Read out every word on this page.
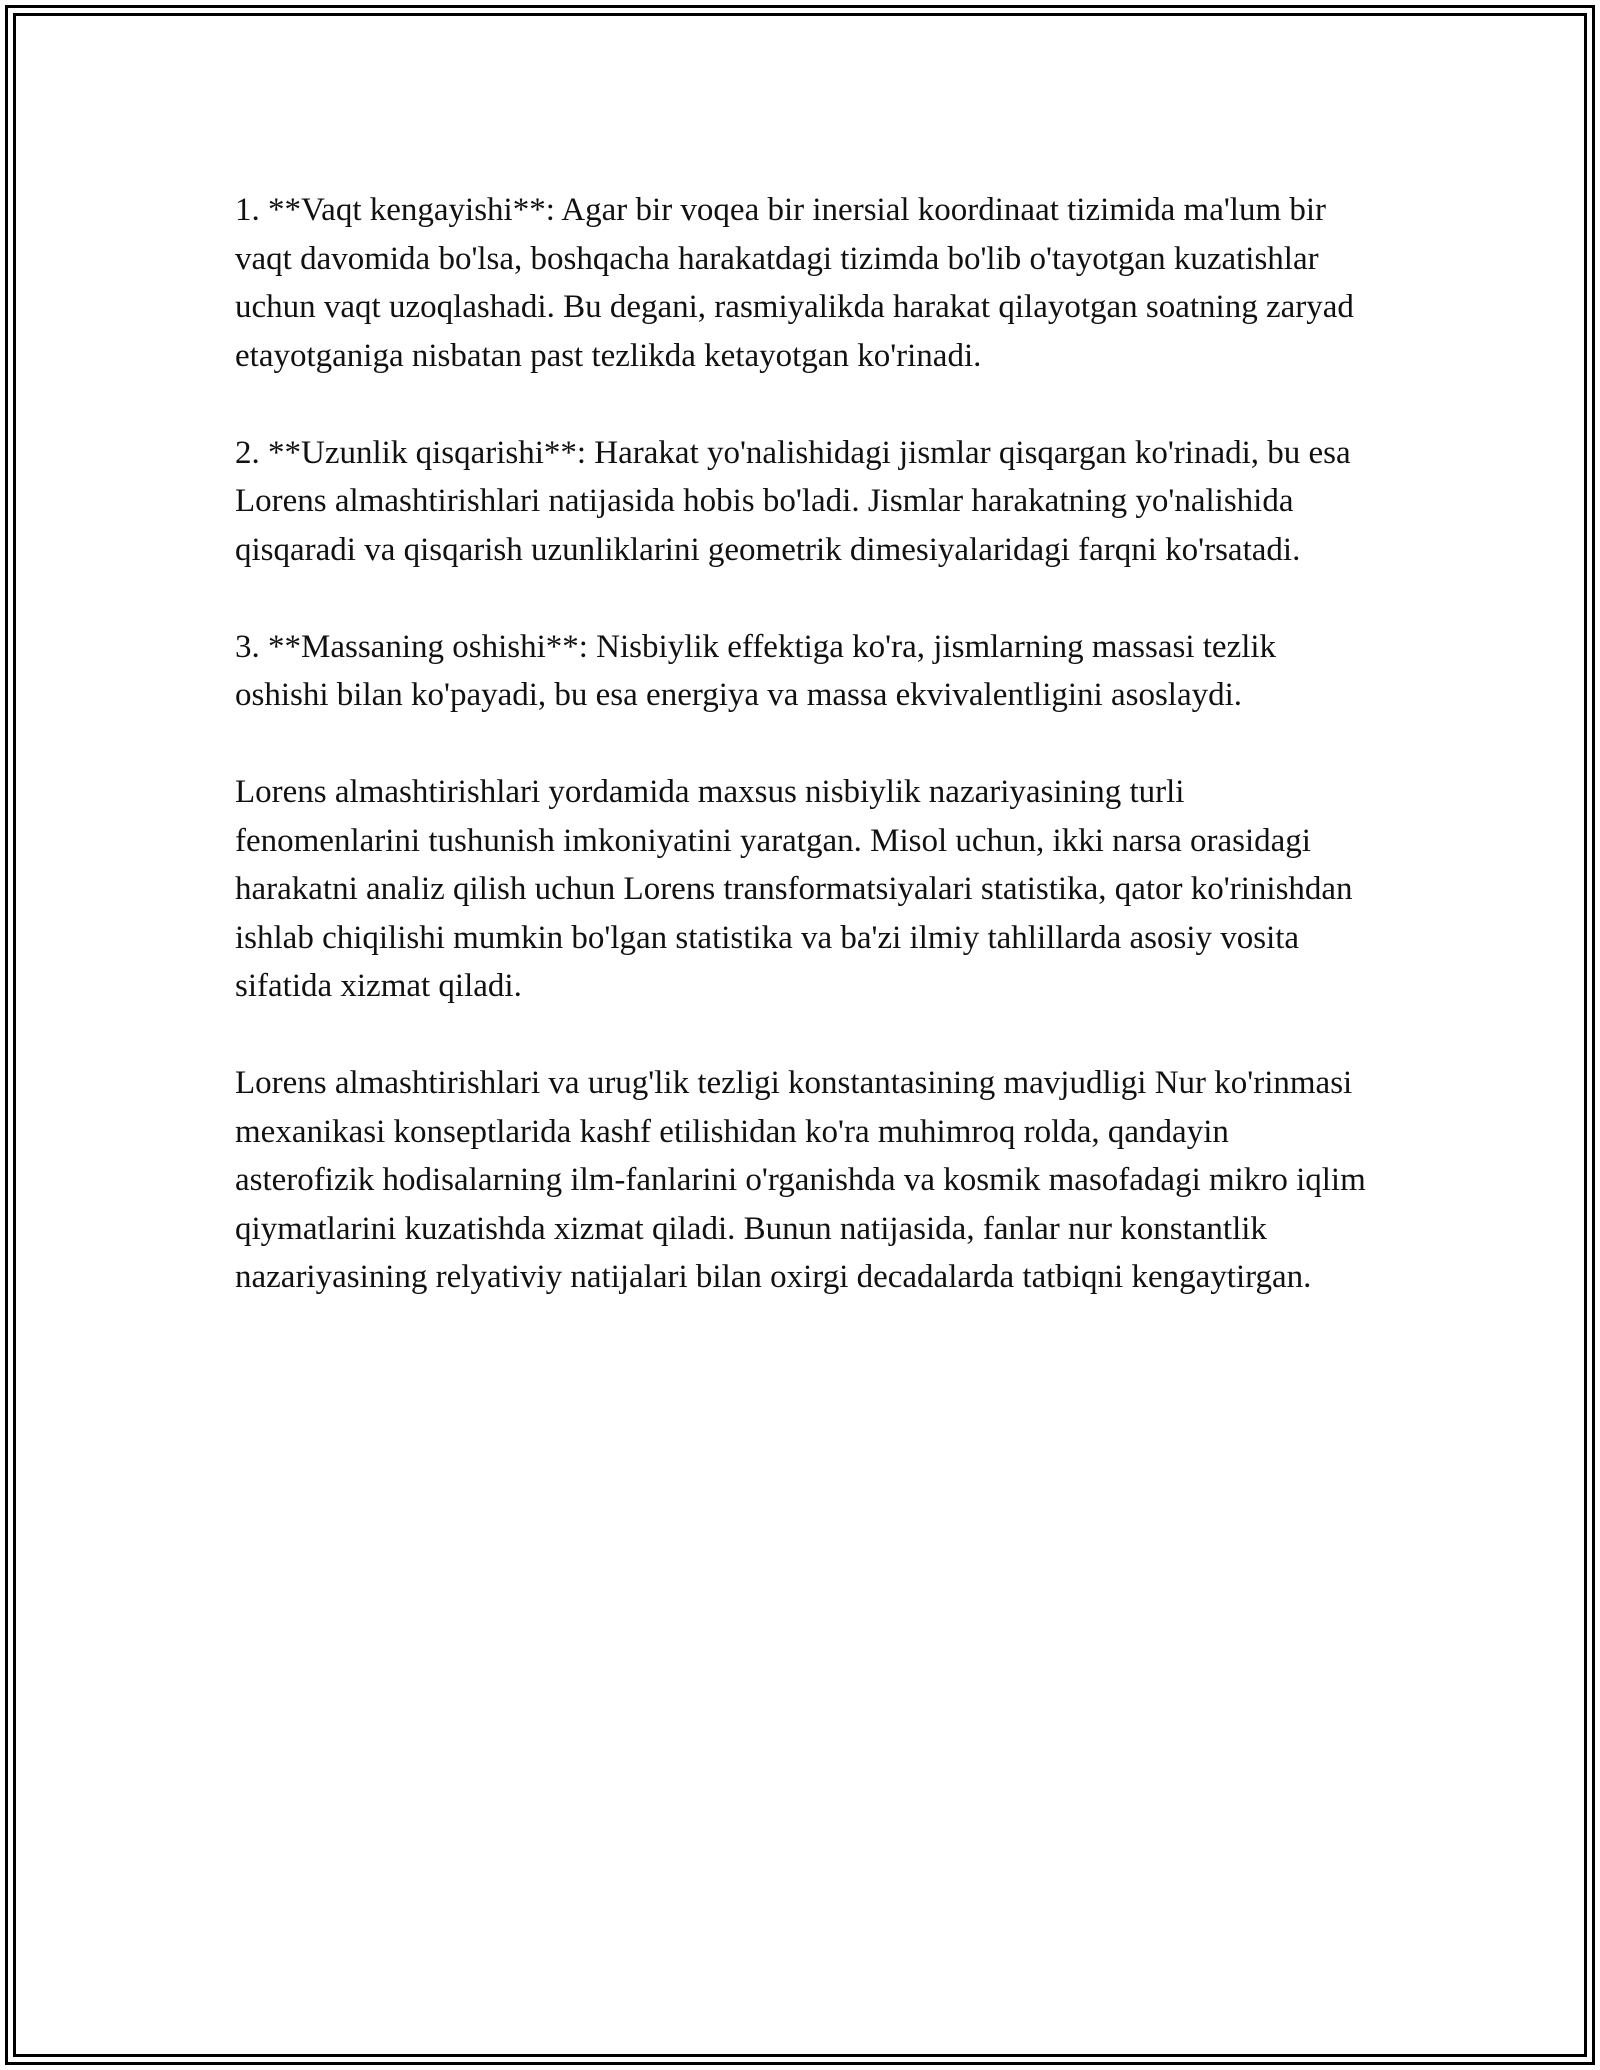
1. **Vaqt kengayishi**: Agar bir voqea bir inersial koordinaat tizimida ma'lum bir vaqt davomida bo'lsa, boshqacha harakatdagi tizimda bo'lib o'tayotgan kuzatishlar uchun vaqt uzoqlashadi. Bu degani, rasmiyalikda harakat qilayotgan soatning zaryad etayotganiga nisbatan past tezlikda ketayotgan ko'rinadi.

2. **Uzunlik qisqarishi**: Harakat yo'nalishidagi jismlar qisqargan ko'rinadi, bu esa Lorens almashtirishlari natijasida hobis bo'ladi. Jismlar harakatning yo'nalishida qisqaradi va qisqarish uzunliklarini geometrik dimesiyalaridagi farqni ko'rsatadi.

3. **Massaning oshishi**: Nisbiylik effektiga ko'ra, jismlarning massasi tezlik oshishi bilan ko'payadi, bu esa energiya va massa ekvivalentligini asoslaydi.

Lorens almashtirishlari yordamida maxsus nisbiylik nazariyasining turli fenomenlarini tushunish imkoniyatini yaratgan. Misol uchun, ikki narsa orasidagi harakatni analiz qilish uchun Lorens transformatsiyalari statistika, qator ko'rinishdan ishlab chiqilishi mumkin bo'lgan statistika va ba'zi ilmiy tahlillarda asosiy vosita sifatida xizmat qiladi.

Lorens almashtirishlari va urug'lik tezligi konstantasining mavjudligi Nur ko'rinmasi mexanikasi konseptlarida kashf etilishidan ko'ra muhimroq rolda, qandayin asterofizik hodisalarning ilm-fanlarini o'rganishda va kosmik masofadagi mikro iqlim qiymatlarini kuzatishda xizmat qiladi. Bunun natijasida, fanlar nur konstantlik nazariyasining relyativiy natijalari bilan oxirgi decadalarda tatbiqni kengaytirgan.
